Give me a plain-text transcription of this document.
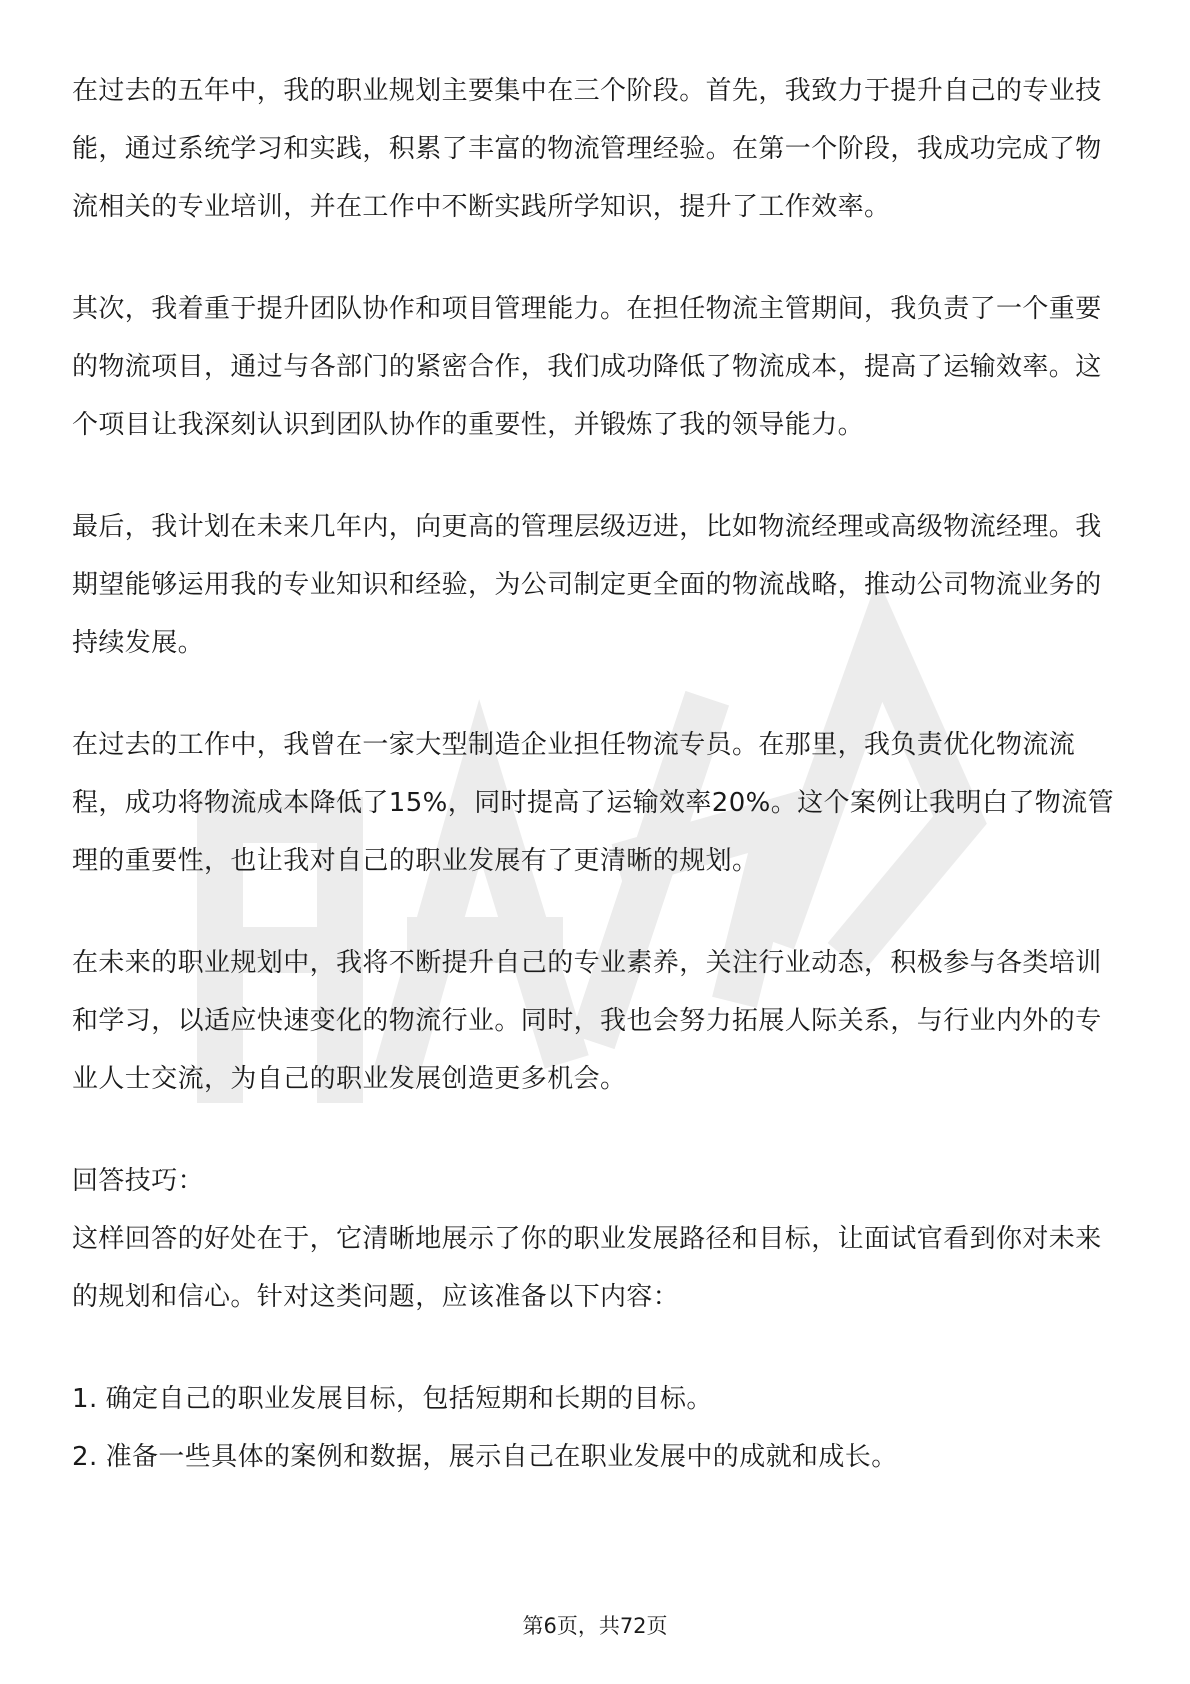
在过去的五年中，我的职业规划主要集中在三个阶段。首先，我致力于提升自己的专业技能，通过系统学习和实践，积累了丰富的物流管理经验。在第一个阶段，我成功完成了物流相关的专业培训，并在工作中不断实践所学知识，提升了工作效率。

其次，我着重于提升团队协作和项目管理能力。在担任物流主管期间，我负责了一个重要的物流项目，通过与各部门的紧密合作，我们成功降低了物流成本，提高了运输效率。这个项目让我深刻认识到团队协作的重要性，并锻炼了我的领导能力。

最后，我计划在未来几年内，向更高的管理层级迈进，比如物流经理或高级物流经理。我期望能够运用我的专业知识和经验，为公司制定更全面的物流战略，推动公司物流业务的持续发展。

在过去的工作中，我曾在一家大型制造企业担任物流专员。在那里，我负责优化物流流程，成功将物流成本降低了15%，同时提高了运输效率20%。这个案例让我明白了物流管理的重要性，也让我对自己的职业发展有了更清晰的规划。

在未来的职业规划中，我将不断提升自己的专业素养，关注行业动态，积极参与各类培训和学习，以适应快速变化的物流行业。同时，我也会努力拓展人际关系，与行业内外的专业人士交流，为自己的职业发展创造更多机会。

回答技巧：

这样回答的好处在于，它清晰地展示了你的职业发展路径和目标，让面试官看到你对未来的规划和信心。针对这类问题，应该准备以下内容：

1. 确定自己的职业发展目标，包括短期和长期的目标。
2. 准备一些具体的案例和数据，展示自己在职业发展中的成就和成长。
第6页，共72页
